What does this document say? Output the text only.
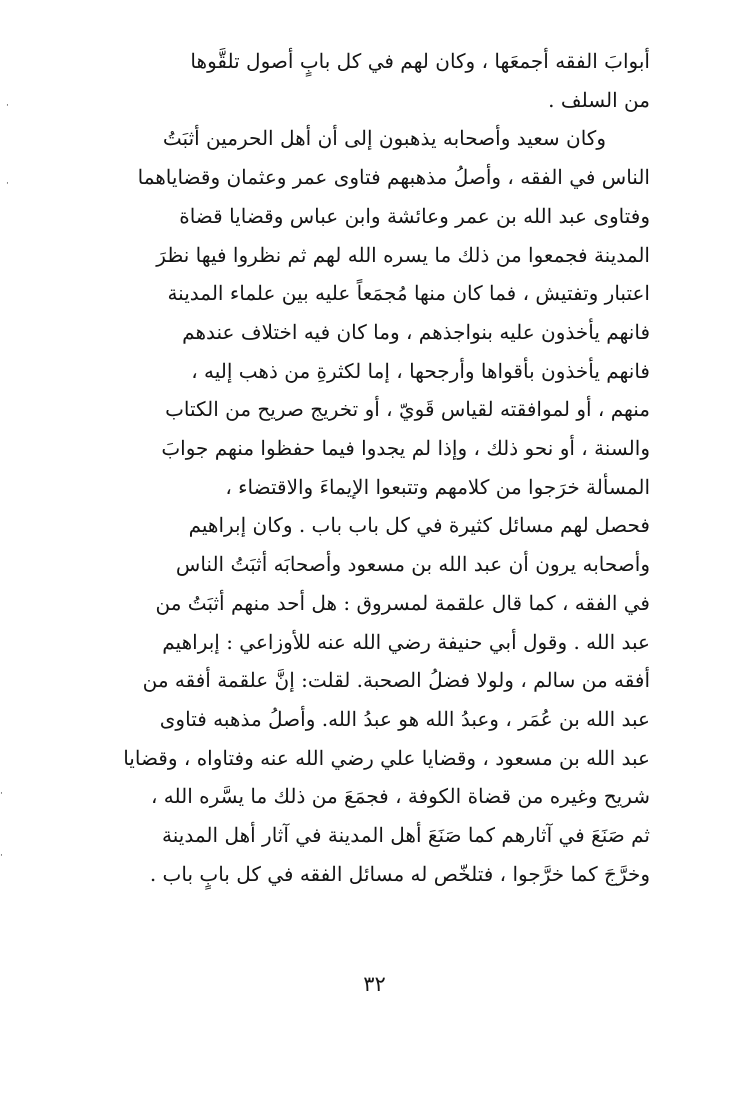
أبوابَ الفقه أجمعَها ، وكان لهم في كل بابٍ أصول تلقَّوها
من السلف .
وكان سعيد وأصحابه يذهبون إلى أن أهل الحرمين أثبَتُ
الناس في الفقه ، وأصلُ مذهبهم فتاوى عمر وعثمان وقضاياهما
وفتاوى عبد الله بن عمر وعائشة وابن عباس وقضايا قضاة
المدينة فجمعوا من ذلك ما يسره الله لهم ثم نظروا فيها نظرَ
اعتبار وتفتيش ، فما كان منها مُجمَعاً عليه بين علماء المدينة
فانهم يأخذون عليه بنواجذهم ، وما كان فيه اختلاف عندهم
فانهم يأخذون بأقواها وأرجحها ، إما لكثرةِ من ذهب إليه ،
منهم ، أو لموافقته لقياس قَويّ ، أو تخريج صريح من الكتاب
والسنة ، أو نحو ذلك ، وإذا لم يجدوا فيما حفظوا منهم جوابَ
المسألة خرَجوا من كلامهم وتتبعوا الإيماءَ والاقتضاء ،
فحصل لهم مسائل كثيرة في كل باب باب . وكان إبراهيم
وأصحابه يرون أن عبد الله بن مسعود وأصحابَه أثبَتُ الناس
في الفقه ، كما قال علقمة لمسروق : هل أحد منهم أثبَتُ من
عبد الله . وقول أبي حنيفة رضي الله عنه للأوزاعي : إبراهيم
أفقه من سالم ، ولولا فضلُ الصحبة. لقلت: إنَّ علقمة أفقه من
عبد الله بن عُمَر ، وعبدُ الله هو عبدُ الله. وأصلُ مذهبه فتاوى
عبد الله بن مسعود ، وقضايا علي رضي الله عنه وفتاواه ، وقضايا
شريح وغيره من قضاة الكوفة ، فجمَعَ من ذلك ما يسَّره الله ،
ثم صَنَعَ في آثارهم كما صَنَعَ أهل المدينة في آثار أهل المدينة
وخرَّجَ كما خرَّجوا ، فتلخّص له مسائل الفقه في كل بابٍ باب .
٣٢
·
·
·
·
